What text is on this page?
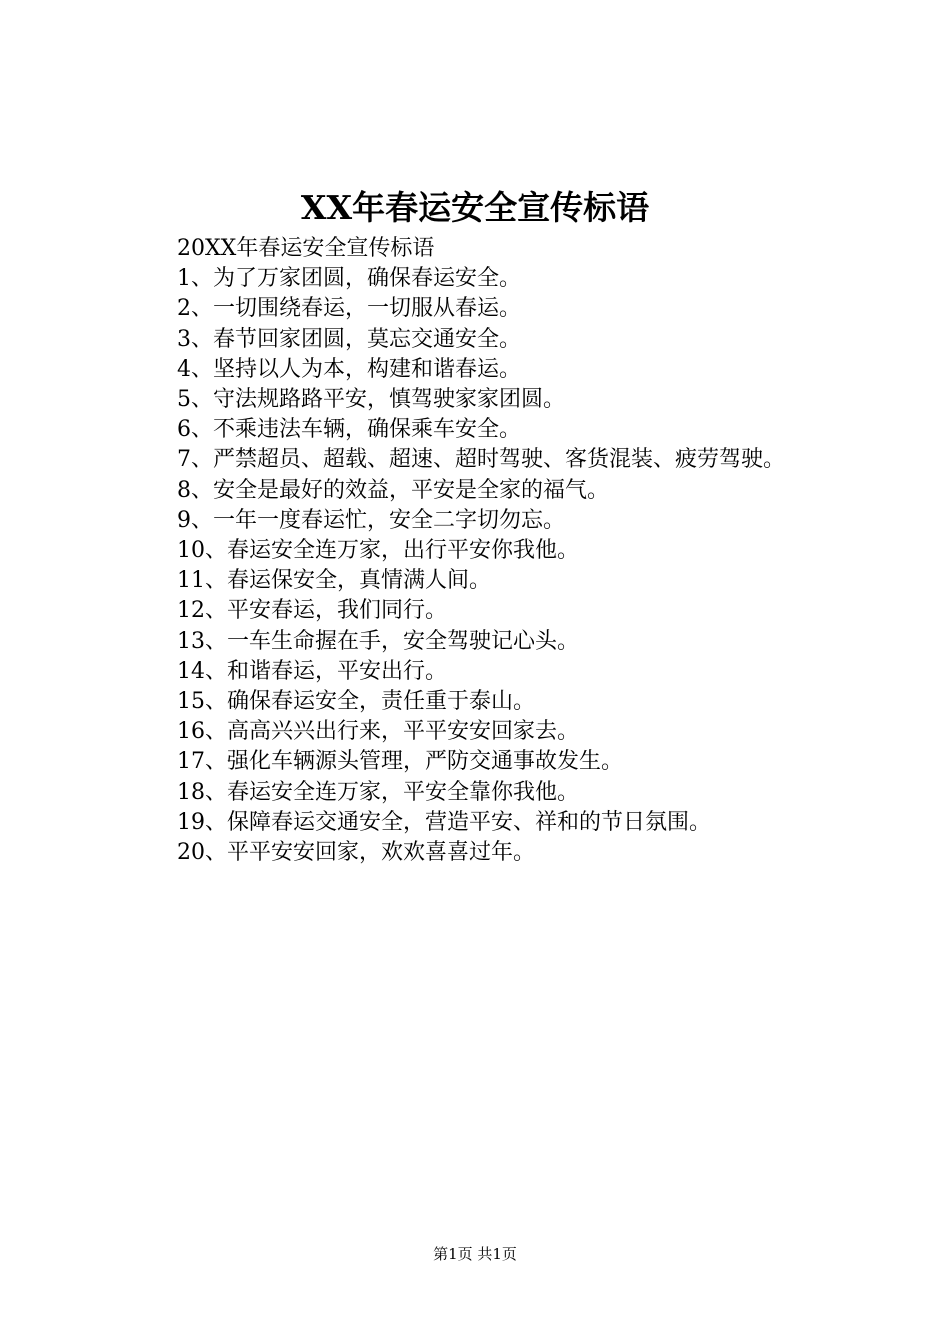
XX年春运安全宣传标语

20XX年春运安全宣传标语

1、为了万家团圆，确保春运安全。

2、一切围绕春运，一切服从春运。

3、春节回家团圆，莫忘交通安全。

4、坚持以人为本，构建和谐春运。

5、守法规路路平安，慎驾驶家家团圆。

6、不乘违法车辆，确保乘车安全。

7、严禁超员、超载、超速、超时驾驶、客货混装、疲劳驾驶。

8、安全是最好的效益，平安是全家的福气。

9、一年一度春运忙，安全二字切勿忘。

10、春运安全连万家，出行平安你我他。

11、春运保安全，真情满人间。

12、平安春运，我们同行。

13、一车生命握在手，安全驾驶记心头。

14、和谐春运，平安出行。

15、确保春运安全，责任重于泰山。

16、高高兴兴出行来，平平安安回家去。

17、强化车辆源头管理，严防交通事故发生。

18、春运安全连万家，平安全靠你我他。

19、保障春运交通安全，营造平安、祥和的节日氛围。

20、平平安安回家，欢欢喜喜过年。

第1页 共1页
